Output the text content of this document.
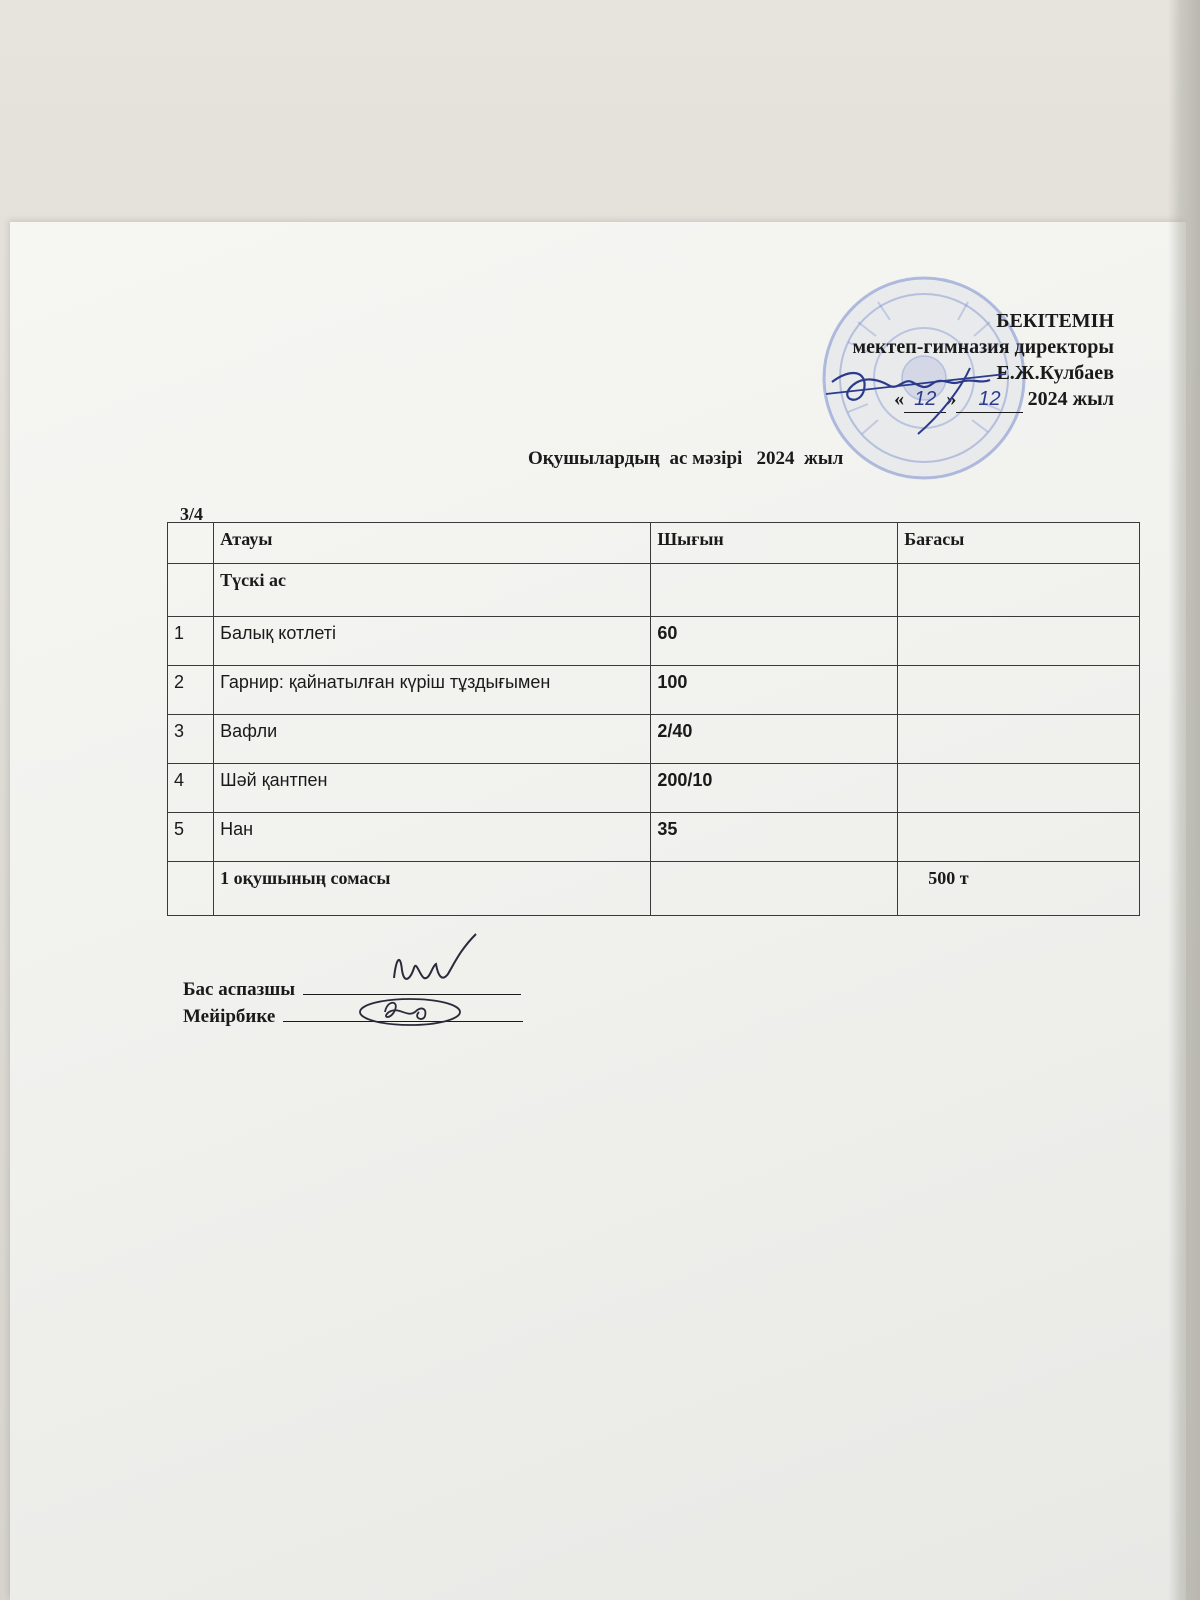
БЕКІТЕМІН
мектеп-гимназия директоры
Е.Ж.Кулбаев
« 12 » 12 2024 жыл
Оқушылардың  ас мәзірі   2024  жыл
3/4
	Атауы	Шығын	Бағасы
	Түскі ас		
1	Балық котлеті	60	
2	Гарнир: қайнатылған күріш тұздығымен	100	
3	Вафли	2/40	
4	Шәй қантпен	200/10	
5	Нан	35	
	1 оқушының сомасы		500 т
Бас аспазшы
Мейірбике
